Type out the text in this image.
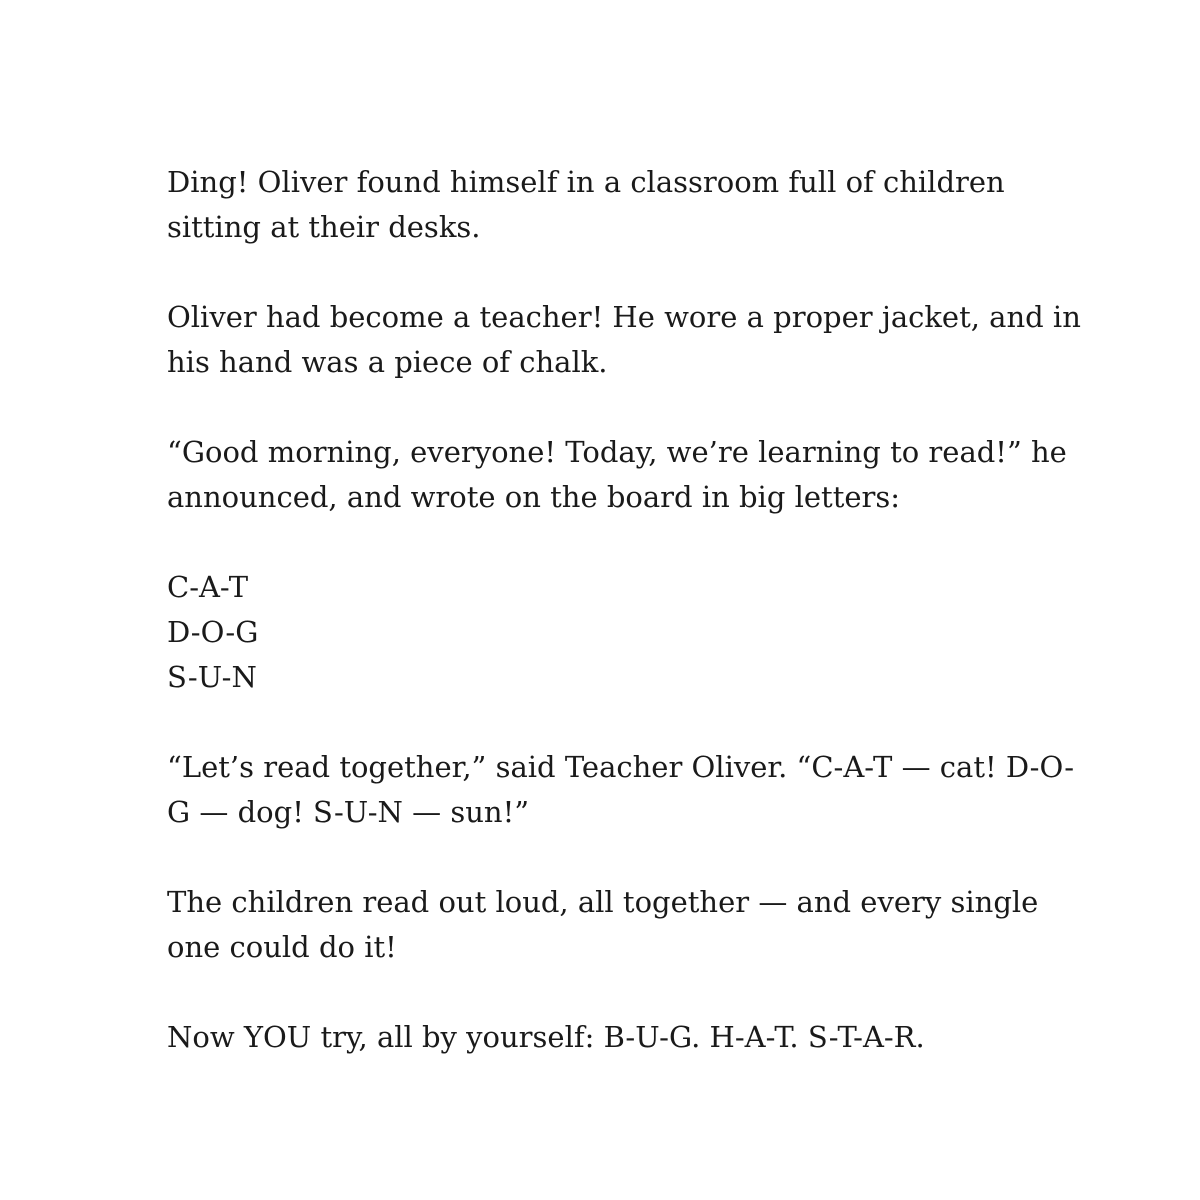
Ding! Oliver found himself in a classroom full of children sitting at their desks.

Oliver had become a teacher! He wore a proper jacket, and in his hand was a piece of chalk.

“Good morning, everyone! Today, we’re learning to read!” he announced, and wrote on the board in big letters:

C-A-T
D-O-G
S-U-N

“Let’s read together,” said Teacher Oliver. “C-A-T — cat! D-O-G — dog! S-U-N — sun!”

The children read out loud, all together — and every single one could do it!

Now YOU try, all by yourself: B-U-G. H-A-T. S-T-A-R.
